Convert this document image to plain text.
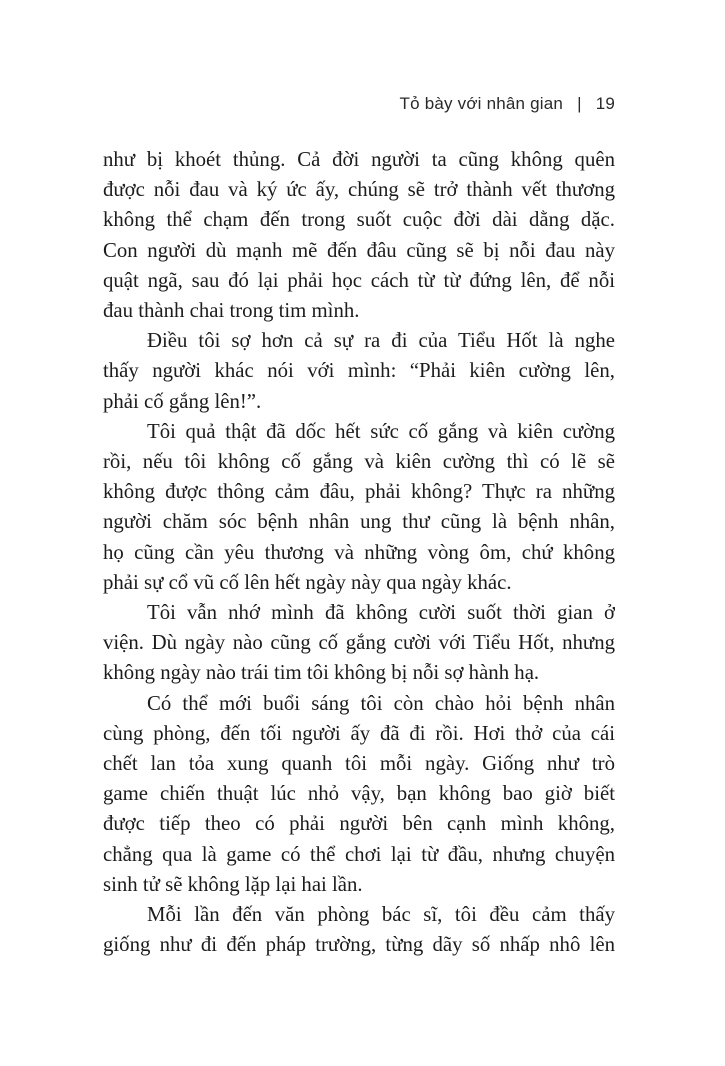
Tỏ bày với nhân gian | 19

như bị khoét thủng. Cả đời người ta cũng không quên
được nỗi đau và ký ức ấy, chúng sẽ trở thành vết thương
không thể chạm đến trong suốt cuộc đời dài dằng dặc.
Con người dù mạnh mẽ đến đâu cũng sẽ bị nỗi đau này
quật ngã, sau đó lại phải học cách từ từ đứng lên, để nỗi
đau thành chai trong tim mình.

Điều tôi sợ hơn cả sự ra đi của Tiểu Hốt là nghe
thấy người khác nói với mình: “Phải kiên cường lên,
phải cố gắng lên!”.

Tôi quả thật đã dốc hết sức cố gắng và kiên cường
rồi, nếu tôi không cố gắng và kiên cường thì có lẽ sẽ
không được thông cảm đâu, phải không? Thực ra những
người chăm sóc bệnh nhân ung thư cũng là bệnh nhân,
họ cũng cần yêu thương và những vòng ôm, chứ không
phải sự cổ vũ cố lên hết ngày này qua ngày khác.

Tôi vẫn nhớ mình đã không cười suốt thời gian ở
viện. Dù ngày nào cũng cố gắng cười với Tiểu Hốt, nhưng
không ngày nào trái tim tôi không bị nỗi sợ hành hạ.

Có thể mới buổi sáng tôi còn chào hỏi bệnh nhân
cùng phòng, đến tối người ấy đã đi rồi. Hơi thở của cái
chết lan tỏa xung quanh tôi mỗi ngày. Giống như trò
game chiến thuật lúc nhỏ vậy, bạn không bao giờ biết
được tiếp theo có phải người bên cạnh mình không,
chẳng qua là game có thể chơi lại từ đầu, nhưng chuyện
sinh tử sẽ không lặp lại hai lần.

Mỗi lần đến văn phòng bác sĩ, tôi đều cảm thấy
giống như đi đến pháp trường, từng dãy số nhấp nhô lên
